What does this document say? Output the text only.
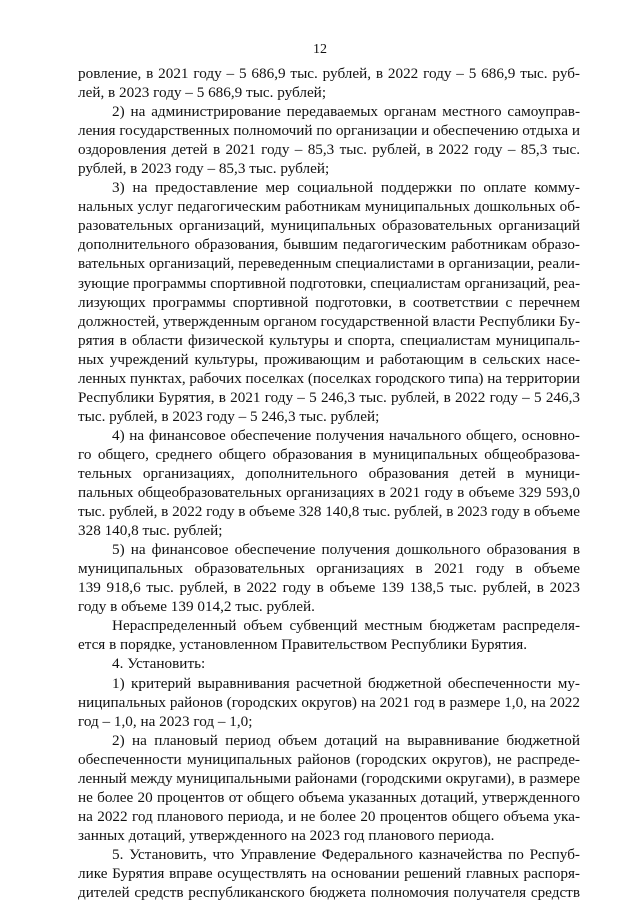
12
ровление, в 2021 году – 5 686,9 тыс. рублей, в 2022 году – 5 686,9 тыс. руб-
лей, в 2023 году – 5 686,9 тыс. рублей;
2) на администрирование передаваемых органам местного самоуправ-
ления государственных полномочий по организации и обеспечению отдыха и
оздоровления детей в 2021 году – 85,3 тыс. рублей, в 2022 году – 85,3 тыс.
рублей, в 2023 году – 85,3 тыс. рублей;
3) на предоставление мер социальной поддержки по оплате комму-
нальных услуг педагогическим работникам муниципальных дошкольных об-
разовательных организаций, муниципальных образовательных организаций
дополнительного образования, бывшим педагогическим работникам образо-
вательных организаций, переведенным специалистами в организации, реали-
зующие программы спортивной подготовки, специалистам организаций, реа-
лизующих программы спортивной подготовки, в соответствии с перечнем
должностей, утвержденным органом государственной власти Республики Бу-
рятия в области физической культуры и спорта, специалистам муниципаль-
ных учреждений культуры, проживающим и работающим в сельских насе-
ленных пунктах, рабочих поселках (поселках городского типа) на территории
Республики Бурятия, в 2021 году – 5 246,3 тыс. рублей, в 2022 году – 5 246,3
тыс. рублей, в 2023 году – 5 246,3 тыс. рублей;
4) на финансовое обеспечение получения начального общего, основно-
го общего, среднего общего образования в муниципальных общеобразова-
тельных организациях, дополнительного образования детей в муници-
пальных общеобразовательных организациях в 2021 году в объеме 329 593,0
тыс. рублей, в 2022 году в объеме 328 140,8 тыс. рублей, в 2023 году в объеме
328 140,8 тыс. рублей;
5) на финансовое обеспечение получения дошкольного образования в
муниципальных образовательных организациях в 2021 году в объеме
139 918,6 тыс. рублей, в 2022 году в объеме 139 138,5 тыс. рублей, в 2023
году в объеме 139 014,2 тыс. рублей.
Нераспределенный объем субвенций местным бюджетам распределя-
ется в порядке, установленном Правительством Республики Бурятия.
4. Установить:
1) критерий выравнивания расчетной бюджетной обеспеченности му-
ниципальных районов (городских округов) на 2021 год в размере 1,0, на 2022
год – 1,0, на 2023 год – 1,0;
2) на плановый период объем дотаций на выравнивание бюджетной
обеспеченности муниципальных районов (городских округов), не распреде-
ленный между муниципальными районами (городскими округами), в размере
не более 20 процентов от общего объема указанных дотаций, утвержденного
на 2022 год планового периода, и не более 20 процентов общего объема ука-
занных дотаций, утвержденного на 2023 год планового периода.
5. Установить, что Управление Федерального казначейства по Респуб-
лике Бурятия вправе осуществлять на основании решений главных распоря-
дителей средств республиканского бюджета полномочия получателя средств
